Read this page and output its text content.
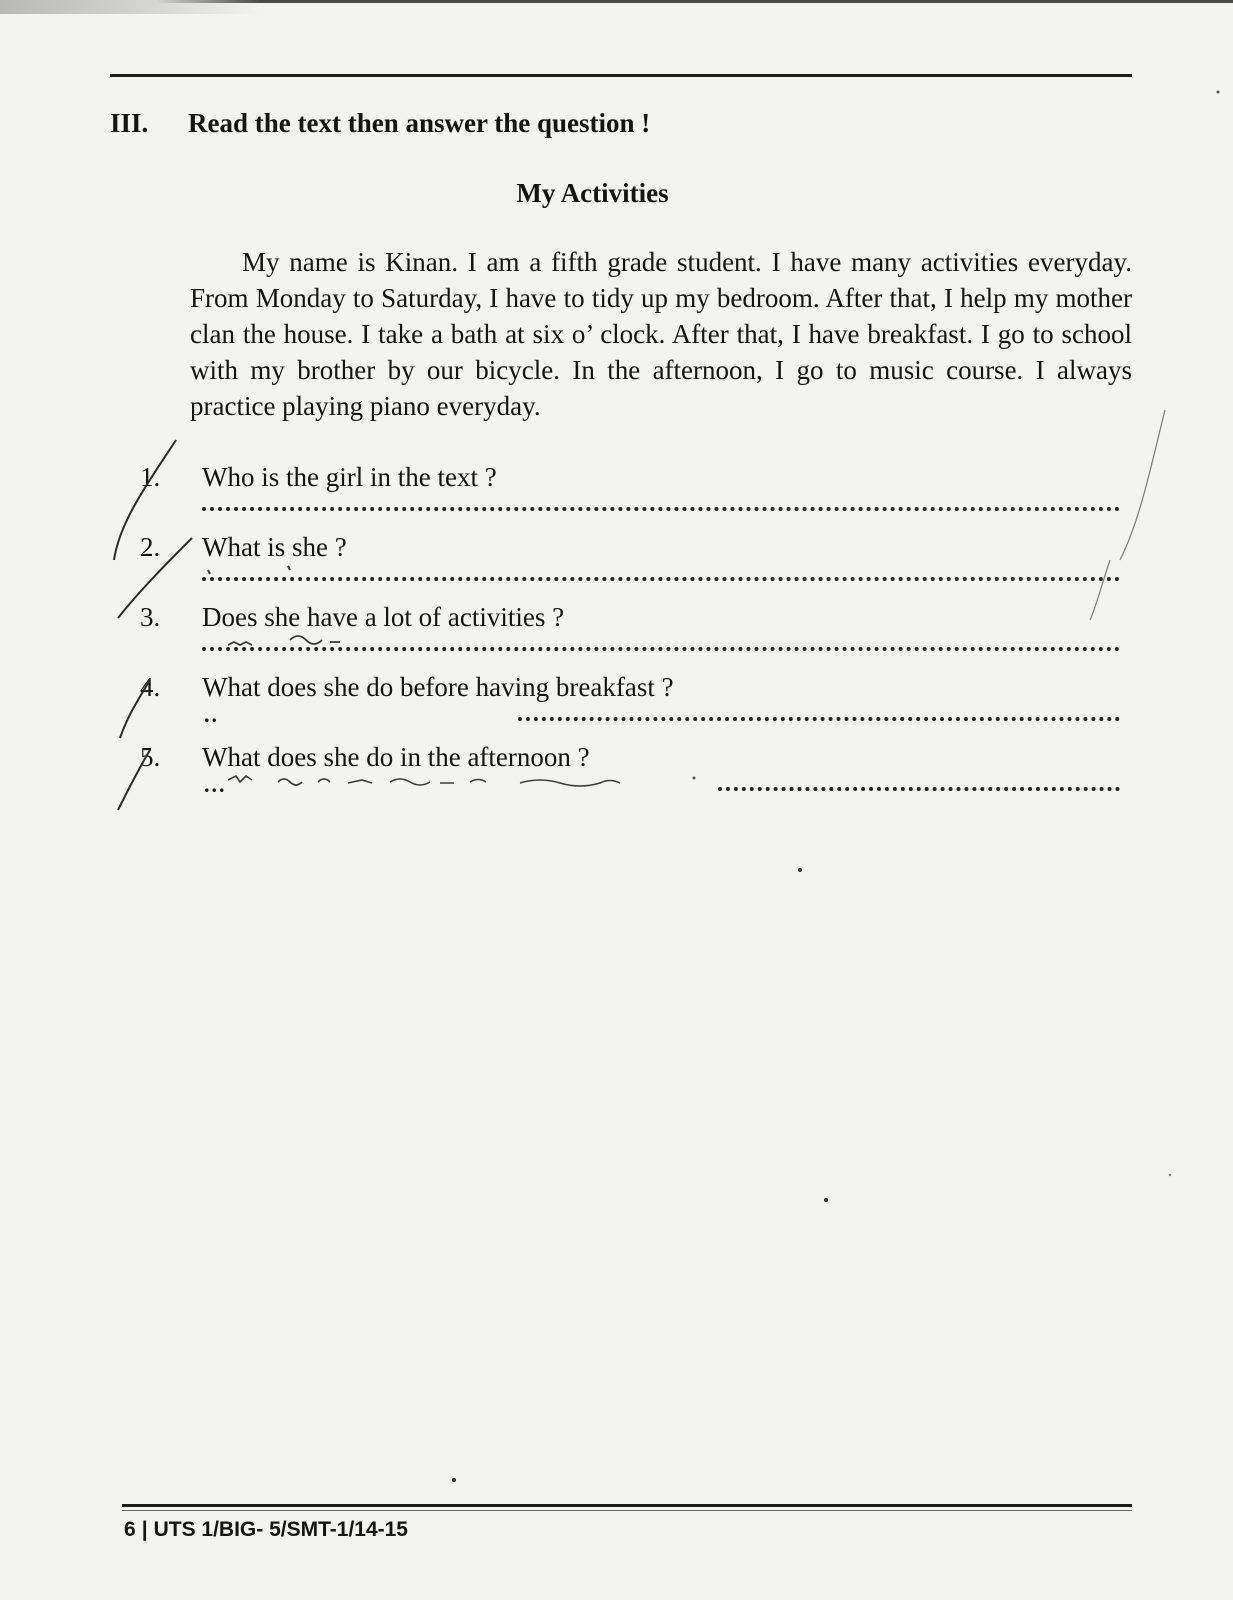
III. Read the text then answer the question !
My Activities

My name is Kinan. I am a fifth grade student. I have many activities everyday. From Monday to Saturday, I have to tidy up my bedroom. After that, I help my mother clan the house. I take a bath at six o’ clock. After that, I have breakfast. I go to school with my brother by our bicycle. In the afternoon, I go to music course. I always practice playing piano everyday.

1. Who is the girl in the text ?
2. What is she ?
3. Does she have a lot of activities ?
4. What does she do before having breakfast ?
..
5. What does she do in the afternoon ?
...
6 | UTS 1/BIG- 5/SMT-1/14-15
